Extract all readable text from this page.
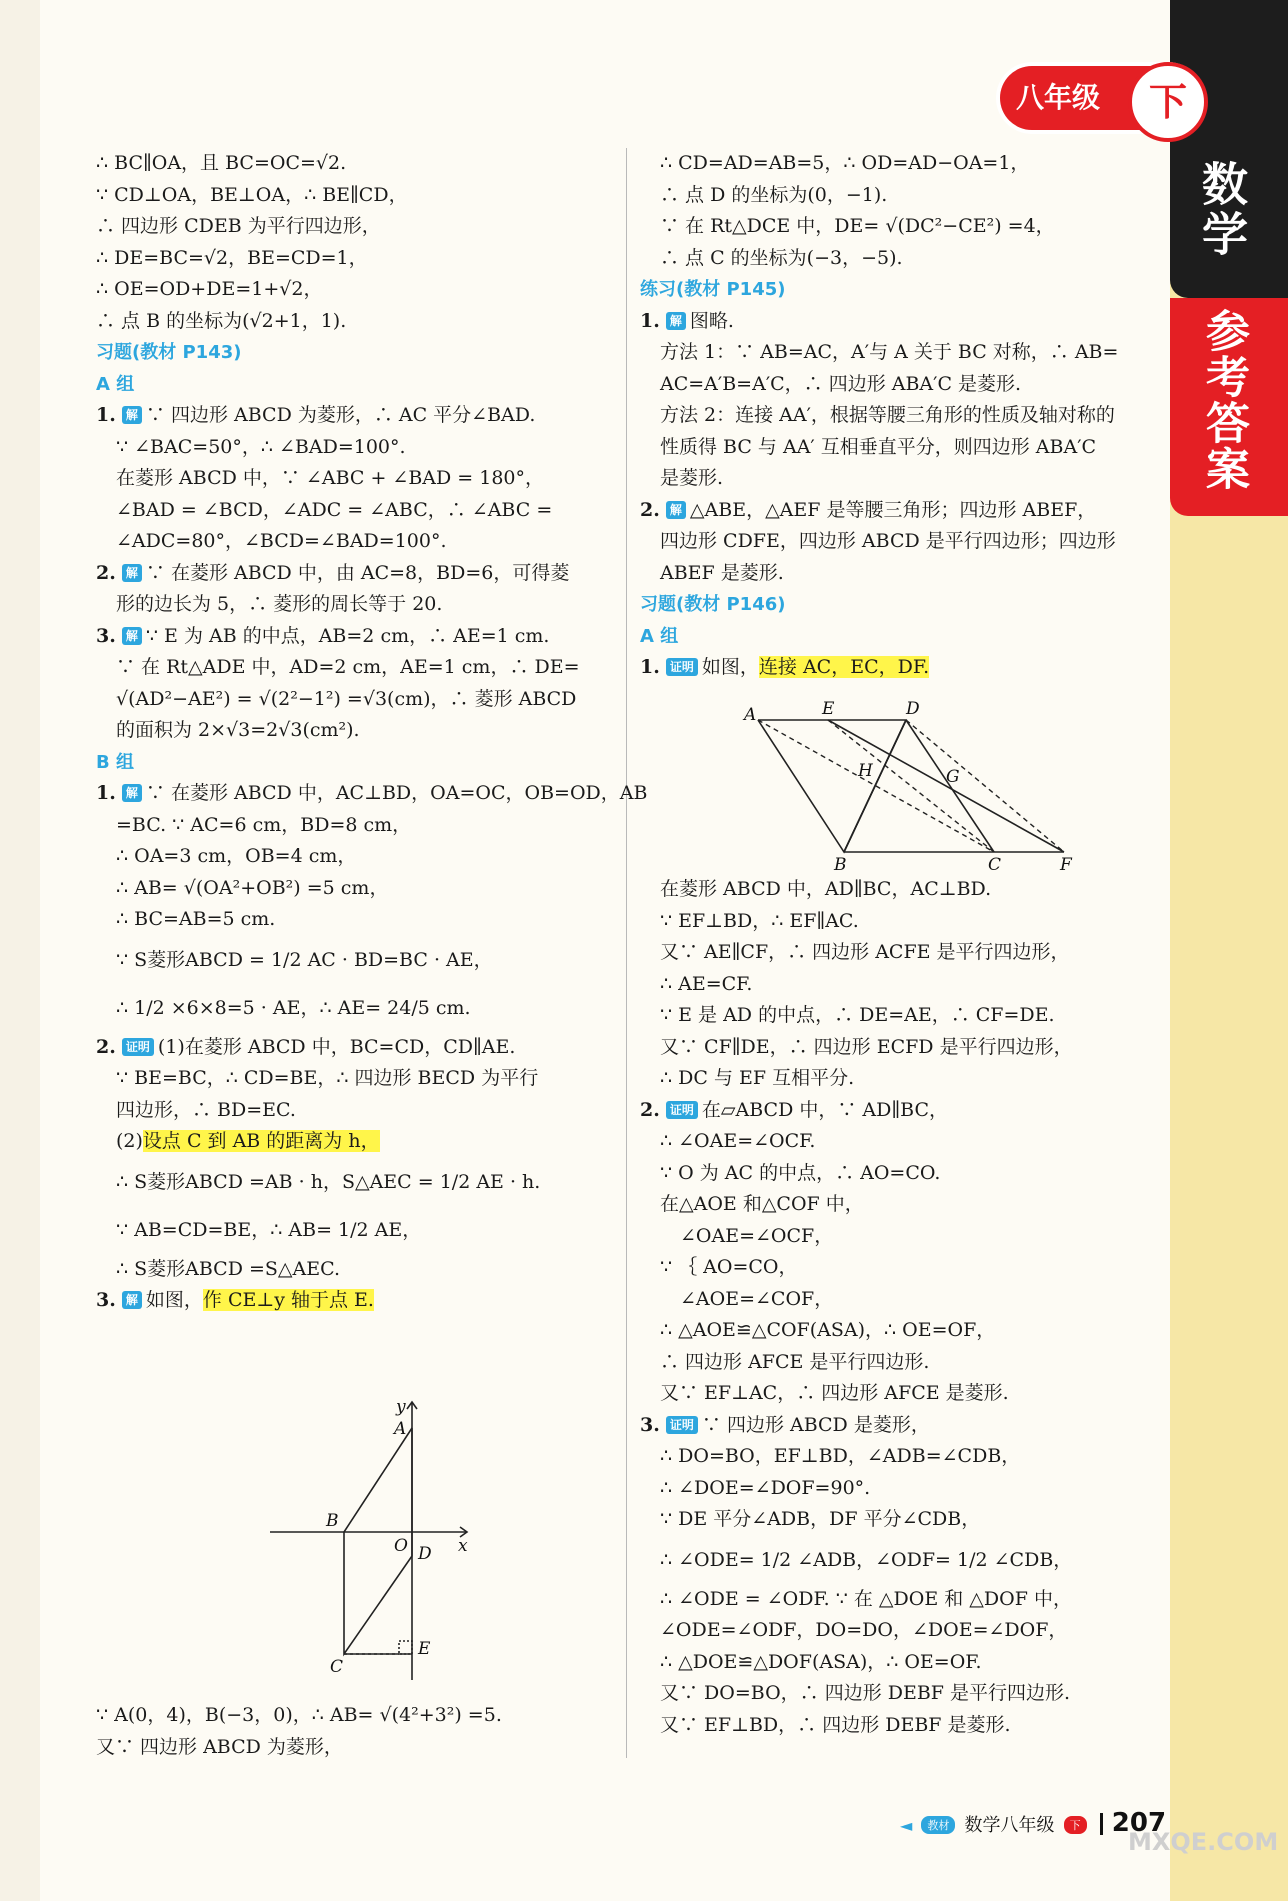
数学
参考答案
八年级	下
∴ BC∥OA，且 BC=OC=√2.
∵ CD⊥OA，BE⊥OA，∴ BE∥CD，
∴ 四边形 CDEB 为平行四边形，
∴ DE=BC=√2，BE=CD=1，
∴ OE=OD+DE=1+√2，
∴ 点 B 的坐标为(√2+1，1).
习题(教材 P143)
A 组
1. 解 ∵ 四边形 ABCD 为菱形，∴ AC 平分∠BAD.
∵ ∠BAC=50°，∴ ∠BAD=100°.
在菱形 ABCD 中，∵ ∠ABC + ∠BAD = 180°，
∠BAD = ∠BCD，∠ADC = ∠ABC，∴ ∠ABC =
∠ADC=80°，∠BCD=∠BAD=100°.
2. 解 ∵ 在菱形 ABCD 中，由 AC=8，BD=6，可得菱
形的边长为 5，∴ 菱形的周长等于 20.
3. 解 ∵ E 为 AB 的中点，AB=2 cm，∴ AE=1 cm.
∵ 在 Rt△ADE 中，AD=2 cm，AE=1 cm，∴ DE=
√(AD²−AE²) = √(2²−1²) =√3(cm)，∴ 菱形 ABCD
的面积为 2×√3=2√3(cm²).
B 组
1. 解 ∵ 在菱形 ABCD 中，AC⊥BD，OA=OC，OB=OD，AB
=BC. ∵ AC=6 cm，BD=8 cm，
∴ OA=3 cm，OB=4 cm，
∴ AB= √(OA²+OB²) =5 cm，
∴ BC=AB=5 cm.
∵ S菱形ABCD = 1/2 AC · BD=BC · AE，
∴ 1/2 ×6×8=5 · AE，∴ AE= 24/5 cm.
2. 证明 (1)在菱形 ABCD 中，BC=CD，CD∥AE.
∵ BE=BC，∴ CD=BE，∴ 四边形 BECD 为平行
四边形，∴ BD=EC.
(2)设点 C 到 AB 的距离为 h，
∴ S菱形ABCD =AB · h，S△AEC = 1/2 AE · h.
∵ AB=CD=BE，∴ AB= 1/2 AE，
∴ S菱形ABCD =S△AEC.
3. 解 如图，作 CE⊥y 轴于点 E.
y
x
A
B
O D
C
E
∵ A(0，4)，B(−3，0)，∴ AB= √(4²+3²) =5.
又∵ 四边形 ABCD 为菱形，
∴ CD=AD=AB=5，∴ OD=AD−OA=1，
∴ 点 D 的坐标为(0，−1).
∵ 在 Rt△DCE 中，DE= √(DC²−CE²) =4，
∴ 点 C 的坐标为(−3，−5).
练习(教材 P145)
1. 解 图略.
方法 1：∵ AB=AC，A′与 A 关于 BC 对称，∴ AB=
AC=A′B=A′C，∴ 四边形 ABA′C 是菱形.
方法 2：连接 AA′，根据等腰三角形的性质及轴对称的
性质得 BC 与 AA′ 互相垂直平分，则四边形 ABA′C
是菱形.
2. 解 △ABE，△AEF 是等腰三角形；四边形 ABEF，
四边形 CDFE，四边形 ABCD 是平行四边形；四边形
ABEF 是菱形.
习题(教材 P146)
A 组
1. 证明 如图，连接 AC，EC，DF.
A	E	D
H	G
B	C	F
在菱形 ABCD 中，AD∥BC，AC⊥BD.
∵ EF⊥BD，∴ EF∥AC.
又∵ AE∥CF，∴ 四边形 ACFE 是平行四边形，
∴ AE=CF.
∵ E 是 AD 的中点，∴ DE=AE，∴ CF=DE.
又∵ CF∥DE，∴ 四边形 ECFD 是平行四边形，
∴ DC 与 EF 互相平分.
2. 证明 在▱ABCD 中，∵ AD∥BC，
∴ ∠OAE=∠OCF.
∵ O 为 AC 的中点，∴ AO=CO.
在△AOE 和△COF 中，
∠OAE=∠OCF，
∵ ｛ AO=CO，
∠AOE=∠COF，
∴ △AOE≌△COF(ASA)，∴ OE=OF，
∴ 四边形 AFCE 是平行四边形.
又∵ EF⊥AC，∴ 四边形 AFCE 是菱形.
3. 证明 ∵ 四边形 ABCD 是菱形，
∴ DO=BO，EF⊥BD，∠ADB=∠CDB，
∴ ∠DOE=∠DOF=90°.
∵ DE 平分∠ADB，DF 平分∠CDB，
∴ ∠ODE= 1/2 ∠ADB，∠ODF= 1/2 ∠CDB，
∴ ∠ODE = ∠ODF. ∵ 在 △DOE 和 △DOF 中，
∠ODE=∠ODF，DO=DO，∠DOE=∠DOF，
∴ △DOE≌△DOF(ASA)，∴ OE=OF.
又∵ DO=BO，∴ 四边形 DEBF 是平行四边形.
又∵ EF⊥BD，∴ 四边形 DEBF 是菱形.
◄ 教材 数学八年级 下 207
MXQE.COM
